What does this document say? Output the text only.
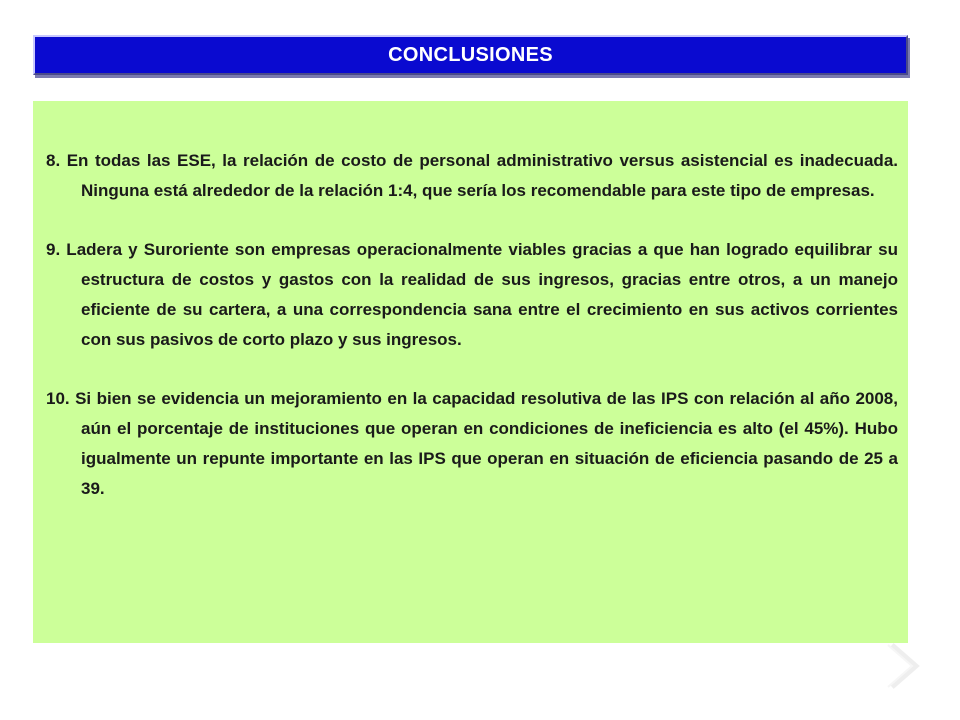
CONCLUSIONES

8. En todas las ESE, la relación de costo de personal administrativo versus asistencial es inadecuada. Ninguna está alrededor de la relación 1:4, que sería los recomendable para este tipo de empresas.

9. Ladera y Suroriente son empresas operacionalmente viables gracias a que han logrado equilibrar su estructura de costos y gastos con la realidad de sus ingresos, gracias entre otros, a un manejo eficiente de su cartera, a una correspondencia sana entre el crecimiento en sus activos corrientes con sus pasivos de corto plazo y sus ingresos.

10. Si bien se evidencia un mejoramiento en la capacidad resolutiva de las IPS con relación al año 2008, aún el porcentaje de instituciones que operan en condiciones de ineficiencia es alto (el 45%). Hubo igualmente un repunte importante en las IPS que operan en situación de eficiencia pasando de 25 a 39.
